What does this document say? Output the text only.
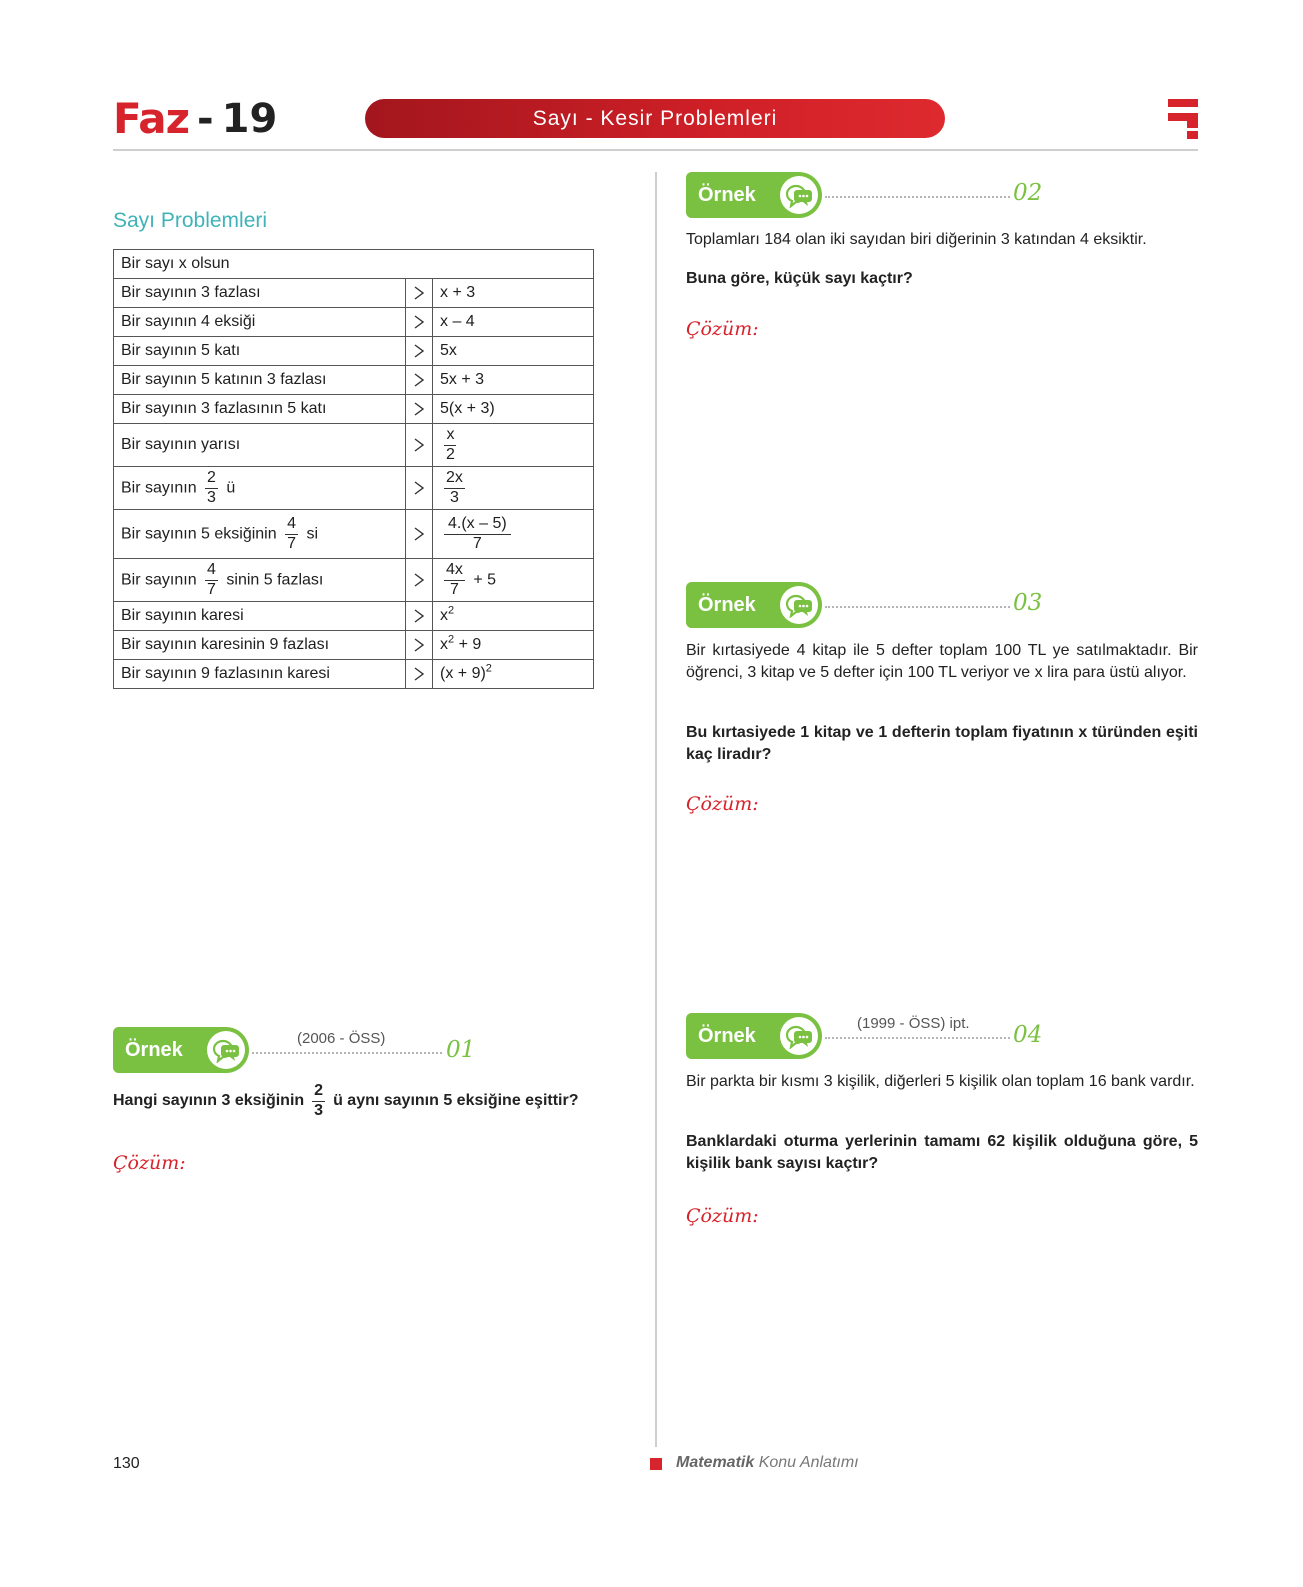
Faz - 19	Sayı - Kesir Problemleri
Sayı Problemleri
Bir sayı x olsun		
Bir sayının 3 fazlası		x + 3
Bir sayının 4 eksiği		x – 4
Bir sayının 5 katı		5x
Bir sayının 5 katının 3 fazlası		5x + 3
Bir sayının 3 fazlasının 5 katı		5(x + 3)
Bir sayının yarısı		$\frac{x}{2}$

Bir sayının $\frac{2}{3}$ ü		$\frac{2x}{3}$

Bir sayının 5 eksiğinin $\frac{4}{7}$ si		$\frac{4.(x - 5)}{7}$

Bir sayının $\frac{4}{7}$ sinin 5 fazlası		$\frac{4x}{7} + 5$
Bir sayının karesi		$x^2$
Bir sayının karesinin 9 fazlası		$x^2 + 9$
Bir sayının 9 fazlasının karesi		$(x + 9)^2$
Örnek	(2006 - ÖSS)	01
Hangi sayının 3 eksiğinin $\frac{2}{3}$ ü aynı sayının 5 eksiğine eşittir?
Çözüm:
Örnek	02
Toplamları 184 olan iki sayıdan biri diğerinin 3 katından 4 eksiktir.
Buna göre, küçük sayı kaçtır?
Çözüm:
Örnek	03
Bir kırtasiyede 4 kitap ile 5 defter toplam 100 TL ye satılmaktadır. Bir öğrenci, 3 kitap ve 5 defter için 100 TL veriyor ve x lira para üstü alıyor.
Bu kırtasiyede 1 kitap ve 1 defterin toplam fiyatının x türünden eşiti kaç liradır?
Çözüm:
Örnek
(1999 - ÖSS) ipt. 04
Bir parkta bir kısmı 3 kişilik, diğerleri 5 kişilik olan toplam 16 bank vardır.
Banklardaki oturma yerlerinin tamamı 62 kişilik olduğuna göre, 5 kişilik bank sayısı kaçtır?
Çözüm:
130	Matematik Konu Anlatımı
